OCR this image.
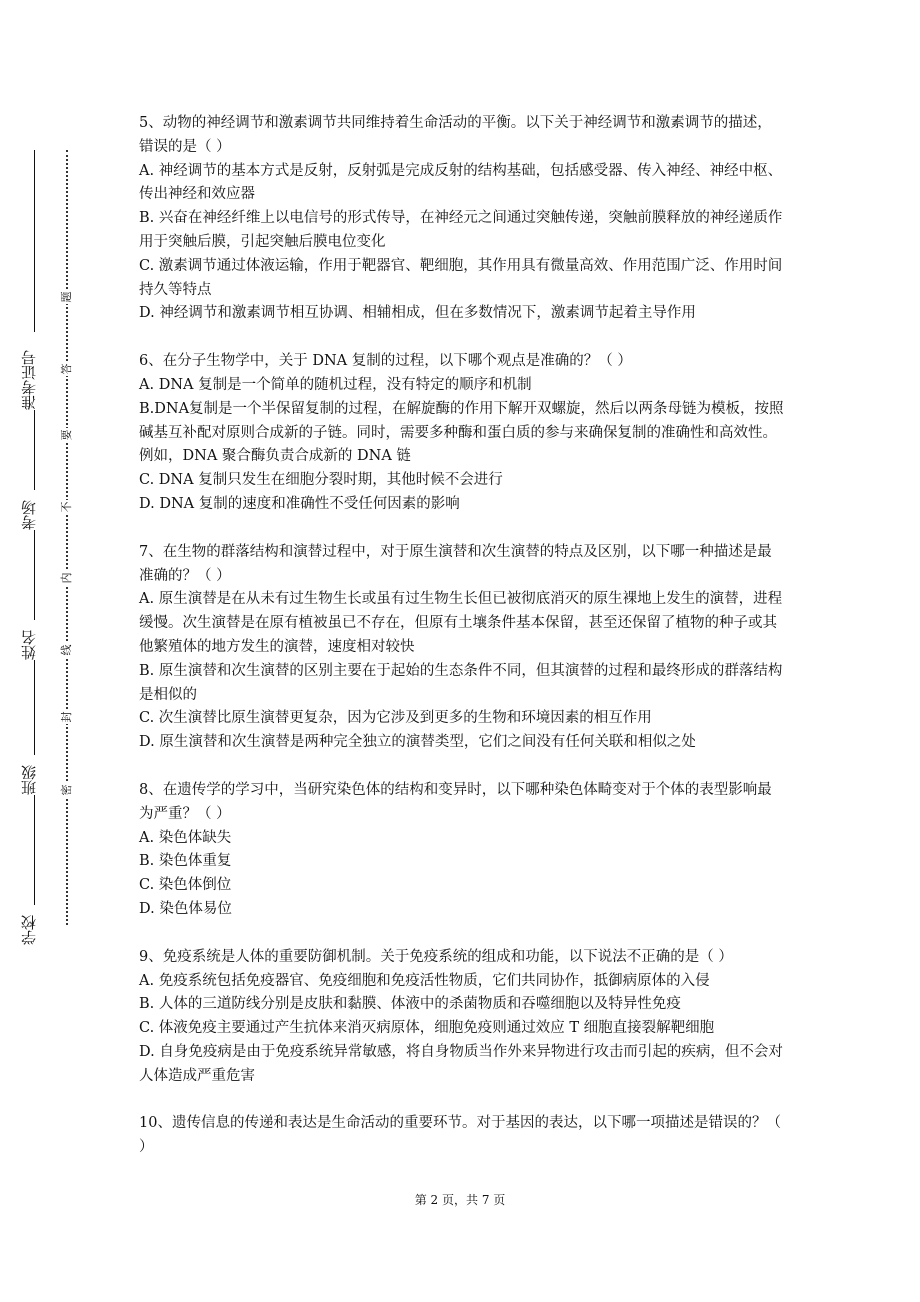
准考证号
考场
姓名
班级
学校
题
答
要
不
内
线
封
密

5、动物的神经调节和激素调节共同维持着生命活动的平衡。以下关于神经调节和激素调节的描述，错误的是（ ）

A. 神经调节的基本方式是反射，反射弧是完成反射的结构基础，包括感受器、传入神经、神经中枢、传出神经和效应器

B. 兴奋在神经纤维上以电信号的形式传导，在神经元之间通过突触传递，突触前膜释放的神经递质作用于突触后膜，引起突触后膜电位变化

C. 激素调节通过体液运输，作用于靶器官、靶细胞，其作用具有微量高效、作用范围广泛、作用时间持久等特点

D. 神经调节和激素调节相互协调、相辅相成，但在多数情况下，激素调节起着主导作用

6、在分子生物学中，关于 DNA 复制的过程，以下哪个观点是准确的？（ ）

A. DNA 复制是一个简单的随机过程，没有特定的顺序和机制

B.DNA复制是一个半保留复制的过程，在解旋酶的作用下解开双螺旋，然后以两条母链为模板，按照碱基互补配对原则合成新的子链。同时，需要多种酶和蛋白质的参与来确保复制的准确性和高效性。例如，DNA 聚合酶负责合成新的 DNA 链

C. DNA 复制只发生在细胞分裂时期，其他时候不会进行

D. DNA 复制的速度和准确性不受任何因素的影响

7、在生物的群落结构和演替过程中，对于原生演替和次生演替的特点及区别，以下哪一种描述是最准确的？（ ）

A. 原生演替是在从未有过生物生长或虽有过生物生长但已被彻底消灭的原生裸地上发生的演替，进程缓慢。次生演替是在原有植被虽已不存在，但原有土壤条件基本保留，甚至还保留了植物的种子或其他繁殖体的地方发生的演替，速度相对较快

B. 原生演替和次生演替的区别主要在于起始的生态条件不同，但其演替的过程和最终形成的群落结构是相似的

C. 次生演替比原生演替更复杂，因为它涉及到更多的生物和环境因素的相互作用

D. 原生演替和次生演替是两种完全独立的演替类型，它们之间没有任何关联和相似之处

8、在遗传学的学习中，当研究染色体的结构和变异时，以下哪种染色体畸变对于个体的表型影响最为严重？（ ）

A. 染色体缺失

B. 染色体重复

C. 染色体倒位

D. 染色体易位

9、免疫系统是人体的重要防御机制。关于免疫系统的组成和功能，以下说法不正确的是（ ）

A. 免疫系统包括免疫器官、免疫细胞和免疫活性物质，它们共同协作，抵御病原体的入侵

B. 人体的三道防线分别是皮肤和黏膜、体液中的杀菌物质和吞噬细胞以及特异性免疫

C. 体液免疫主要通过产生抗体来消灭病原体，细胞免疫则通过效应 T 细胞直接裂解靶细胞

D. 自身免疫病是由于免疫系统异常敏感，将自身物质当作外来异物进行攻击而引起的疾病，但不会对人体造成严重危害

10、遗传信息的传递和表达是生命活动的重要环节。对于基因的表达，以下哪一项描述是错误的？（ ）

第 2 页，共 7 页
